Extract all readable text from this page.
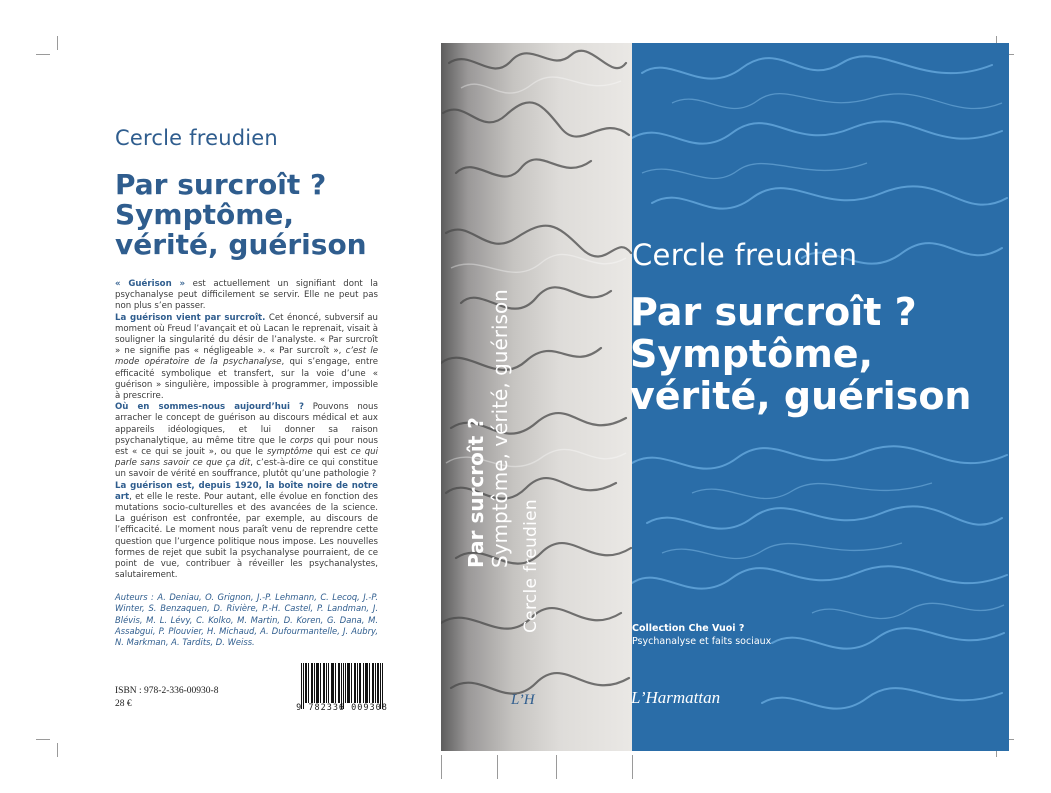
Cercle freudien
Par surcroît ?
Symptôme,
vérité, guérison

« Guérison » est actuellement un signifiant dont la psychanalyse peut difficilement se servir. Elle ne peut pas non plus s’en passer.

La guérison vient par surcroît. Cet énoncé, subversif au moment où Freud l’avançait et où Lacan le reprenait, visait à souligner la singularité du désir de l’analyste. « Par surcroît » ne signifie pas « négligeable ». « Par surcroît », c’est le mode opératoire de la psychanalyse, qui s’engage, entre efficacité symbolique et transfert, sur la voie d’une « guérison » singulière, impossible à programmer, impossible à prescrire.

Où en sommes-nous aujourd’hui ? Pouvons nous arracher le concept de guérison au discours médical et aux appareils idéologiques, et lui donner sa raison psychanalytique, au même titre que le corps qui pour nous est « ce qui se jouit », ou que le symptôme qui est ce qui parle sans savoir ce que ça dit, c’est-à-dire ce qui constitue un savoir de vérité en souffrance, plutôt qu’une pathologie ?

La guérison est, depuis 1920, la boîte noire de notre art, et elle le reste. Pour autant, elle évolue en fonction des mutations socio-culturelles et des avancées de la science. La guérison est confrontée, par exemple, au discours de l’efficacité. Le moment nous paraît venu de reprendre cette question que l’urgence politique nous impose. Les nouvelles formes de rejet que subit la psychanalyse pourraient, de ce point de vue, contribuer à réveiller les psychanalystes, salutairement.

Auteurs : A. Deniau, O. Grignon, J.-P. Lehmann, C. Lecoq, J.-P. Winter, S. Benzaquen, D. Rivière, P.-H. Castel, P. Landman, J. Blévis, M. L. Lévy, C. Kolko, M. Martin, D. Koren, G. Dana, M. Assabgui, P. Plouvier, H. Michaud, A. Dufourmantelle, J. Aubry, N. Markman, A. Tardits, D. Weiss.
ISBN : 978-2-336-00930-8
28 €	9 782336 009308
Par surcroît ? Symptôme, vérité, guérison Cercle freudien
L’H
Cercle freudien
Par surcroît ?
Symptôme,
vérité, guérison
Collection Che Vuoi ?
Psychanalyse et faits sociaux
L’Harmattan
